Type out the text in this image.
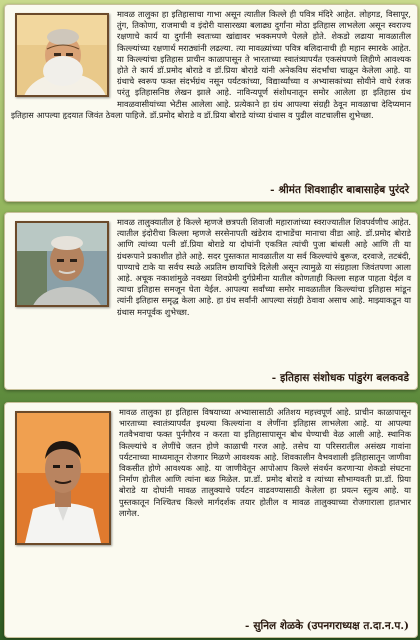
मावळ तालुका हा इतिहासाचा गाभा असून त्यातील किल्ले ही पवित्र मंदिरे आहेत. लोहगड, विसापूर, तुंग, तिकोणा, राजमाची व इंदोरी यासारख्या बलाढ्य दुर्गांना मोठा इतिहास लाभलेला असून स्वराज्य रक्षणाचे कार्य या दुर्गांनी स्वतःच्या खांद्यावर भक्कमपणे पेलले होते. शेकडो लढाया मावळातील किल्ल्यांच्या रक्षणार्थ मराठ्यांनी लढल्या. त्या मावळ्यांच्या पवित्र बलिदानाची ही महान स्मारके आहेत. या किल्ल्यांचा इतिहास प्राचीन काळापासून ते भारताच्या स्वातंत्र्यापर्यंत एकसंघपणे लिहीणे आवश्यक होते ते कार्य डॉ.प्रमोद बोराडे व डॉ.प्रिया बोराडे यांनी अनेकविध संदर्भांचा चाळून केलेला आहे. या ग्रंथाचे स्वरूप फक्त संदर्भग्रंथ नसून पर्यटकांच्या, विद्यार्थ्यांच्या व अभ्यासकांच्या सोयीने वाचे रंजक परंतु इतिहासनिष्ठ लेखन झाले आहे. नाविन्यपूर्ण संशोधनातून समोर आलेला हा इतिहास ग्रंथ मावळवासीयांच्या भेटीस आलेला आहे. प्रत्येकाने हा ग्रंथ आपल्या संग्रही ठेवून मावळाचा देदिप्यमान इतिहास आपल्या हृदयात जिवंत ठेवला पाहिजे. डॉ.प्रमोद बोराडे व डॉ.प्रिया बोराडे यांच्या ग्रंथास व पुढील वाटचालीस शुभेच्छा.
- श्रीमंत शिवशाहीर बाबासाहेब पुरंदरे
मावळ तालुक्यातील हे किल्ले म्हणजे छत्रपती शिवाजी महाराजांच्या स्वराज्यातील शिवपर्वणीच आहेत. त्यातील इंदोरीचा किल्ला म्हणजे सरसेनापती खंडेराव दाभाडेंचा मानाचा वीडा आहे. डॉ.प्रमोद बोराडे आणि त्यांच्या पत्नी डॉ.प्रिया बोराडे या दोघांनी एकत्रित त्यांची पुजा बांधली आहे आणि ती या ग्रंथरूपाने प्रकाशीत होते आहे. सदर पुस्तकात मावळातील या सर्व किल्ल्यांचे बुरूज, दरवाजे, तटबंदी, पाण्याचे टाके या सर्वच स्थळे अप्रतिम छायाचित्रे दिलेली असून त्यामुळे या संग्रहाला जिवंतपणा आला आहे. अचूक नकाशांमुळे नवख्या शिवप्रेमी दुर्गप्रेमीना यातील कोणताही किल्ला सहज पाहता येईल व त्याचा इतिहास समजून घेता येईल. आपल्या सर्वांच्या समोर मावळातील किल्ल्यांचा इतिहास मांडून त्यांनी इतिहास समृद्ध केला आहे. हा ग्रंथ सर्वांनी आपल्या संग्रही ठेवावा असाच आहे. माझ्याकडून या ग्रंथास मनपूर्वक शुभेच्छा.
- इतिहास संशोधक पांडुरंग बलकवडे
मावळ तालुका हा इतिहास विषयाच्या अभ्यासासाठी अतिशय महत्त्वपूर्ण आहे. प्राचीन काळापासून भारताच्या स्वातंत्र्यापर्यंत इथल्या किल्ल्यांना व लेणींना इतिहास लाभलेला आहे. या आपल्या गतवैभवाचा फक्त पुर्नगौरव न करता या इतिहासापासून बोध घेण्याची वेळ आली आहे. स्थानिक किल्ल्यांचे व लेणींचे जतन होणे काळाची गरज आहे. तसेच या परिसरातील असंख्य गावांना पर्यटनाच्या माध्यमातून रोजगार मिळणे आवश्यक आहे. शिवकालीन वैभवशाली इतिहासातून जाणीवा विकसीत होणे आवश्यक आहे. या जाणीवेतून आपोआप किल्ले संवर्धन करणाऱ्या शेकडो संघटना निर्माण होतील आणि त्यांना बळ मिळेल. प्रा.डॉ. प्रमोद बोराडे व त्यांच्या सौभाग्यवती प्रा.डॉ. प्रिया बोराडे या दोघांनी मावळ तालुक्याचे पर्यटन वाढवण्यासाठी केलेला हा प्रयत्न स्तुत्य आहे. या पुस्तकातून निश्चितच किल्ले मार्गदर्शक तयार होतील व मावळ तालुक्याच्या रोजगाराला हातभार लागेल.
- सुनिल शेळके (उपनगराध्यक्ष त.दा.न.प.)
